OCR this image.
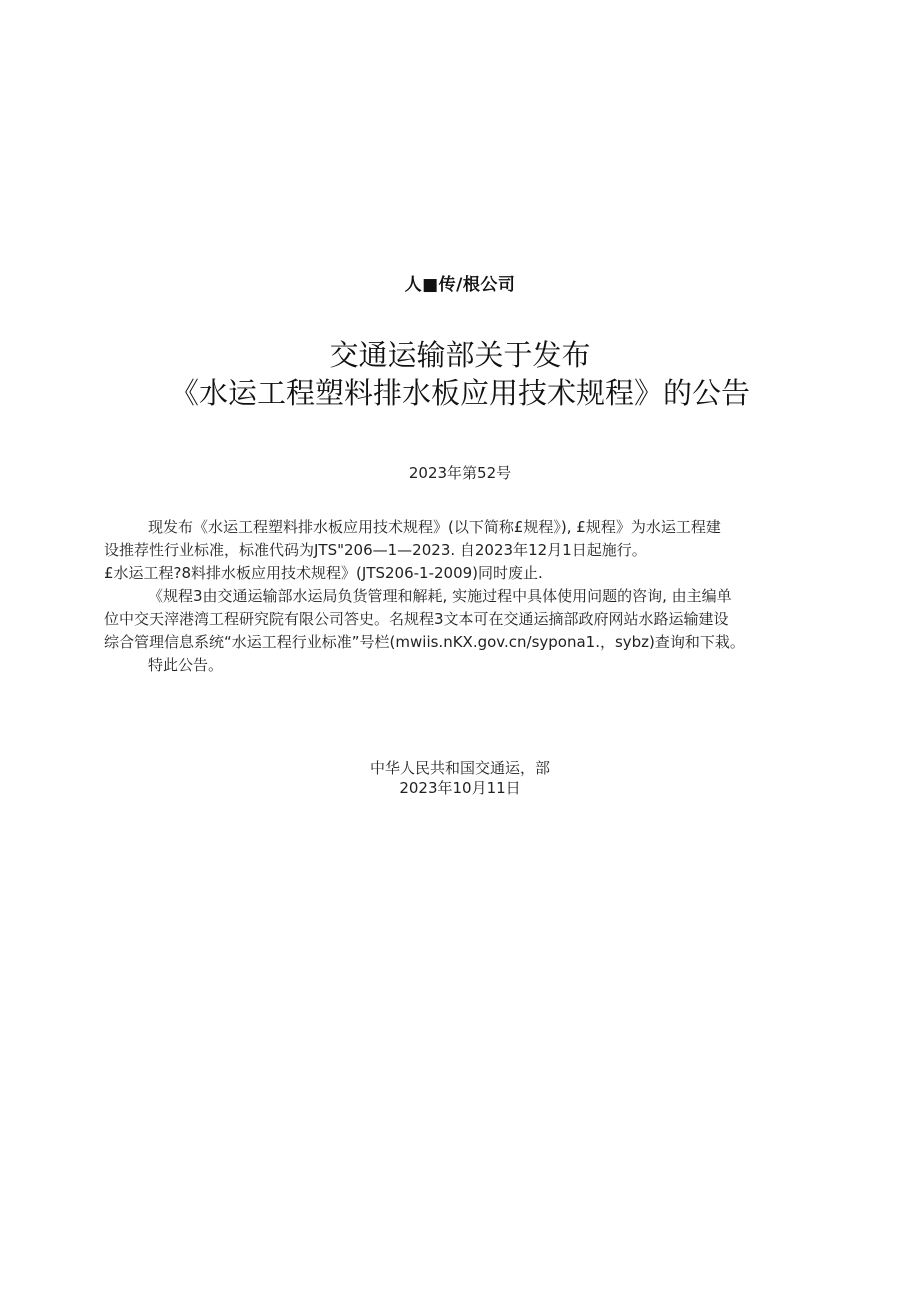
人■传/根公司
交通运输部关于发布
《水运工程塑料排水板应用技术规程》的公告
2023年第52号

现发布《水运工程塑料排水板应用技术规程》(以下简称£规程》), £规程》为水运工程建

设推荐性行业标准，标准代码为JTS"206—1—2023. 自2023年12月1日起施行。

£水运工程?8料排水板应用技术规程》(JTS206-1-2009)同时废止.

《规程3由交通运输部水运局负货管理和解耗, 实施过程中具体使用问题的咨询, 由主编单

位中交天滓港湾工程研究院有限公司答史。名规程3文本可在交通运摘部政府网站水路运输建设

综合管理信息系统“水运工程行业标准”号栏(mwiis.nKX.gov.cn/sypona1.，sybz)查询和下栽。

特此公告。

中华人民共和国交通运，部
2023年10月11日
